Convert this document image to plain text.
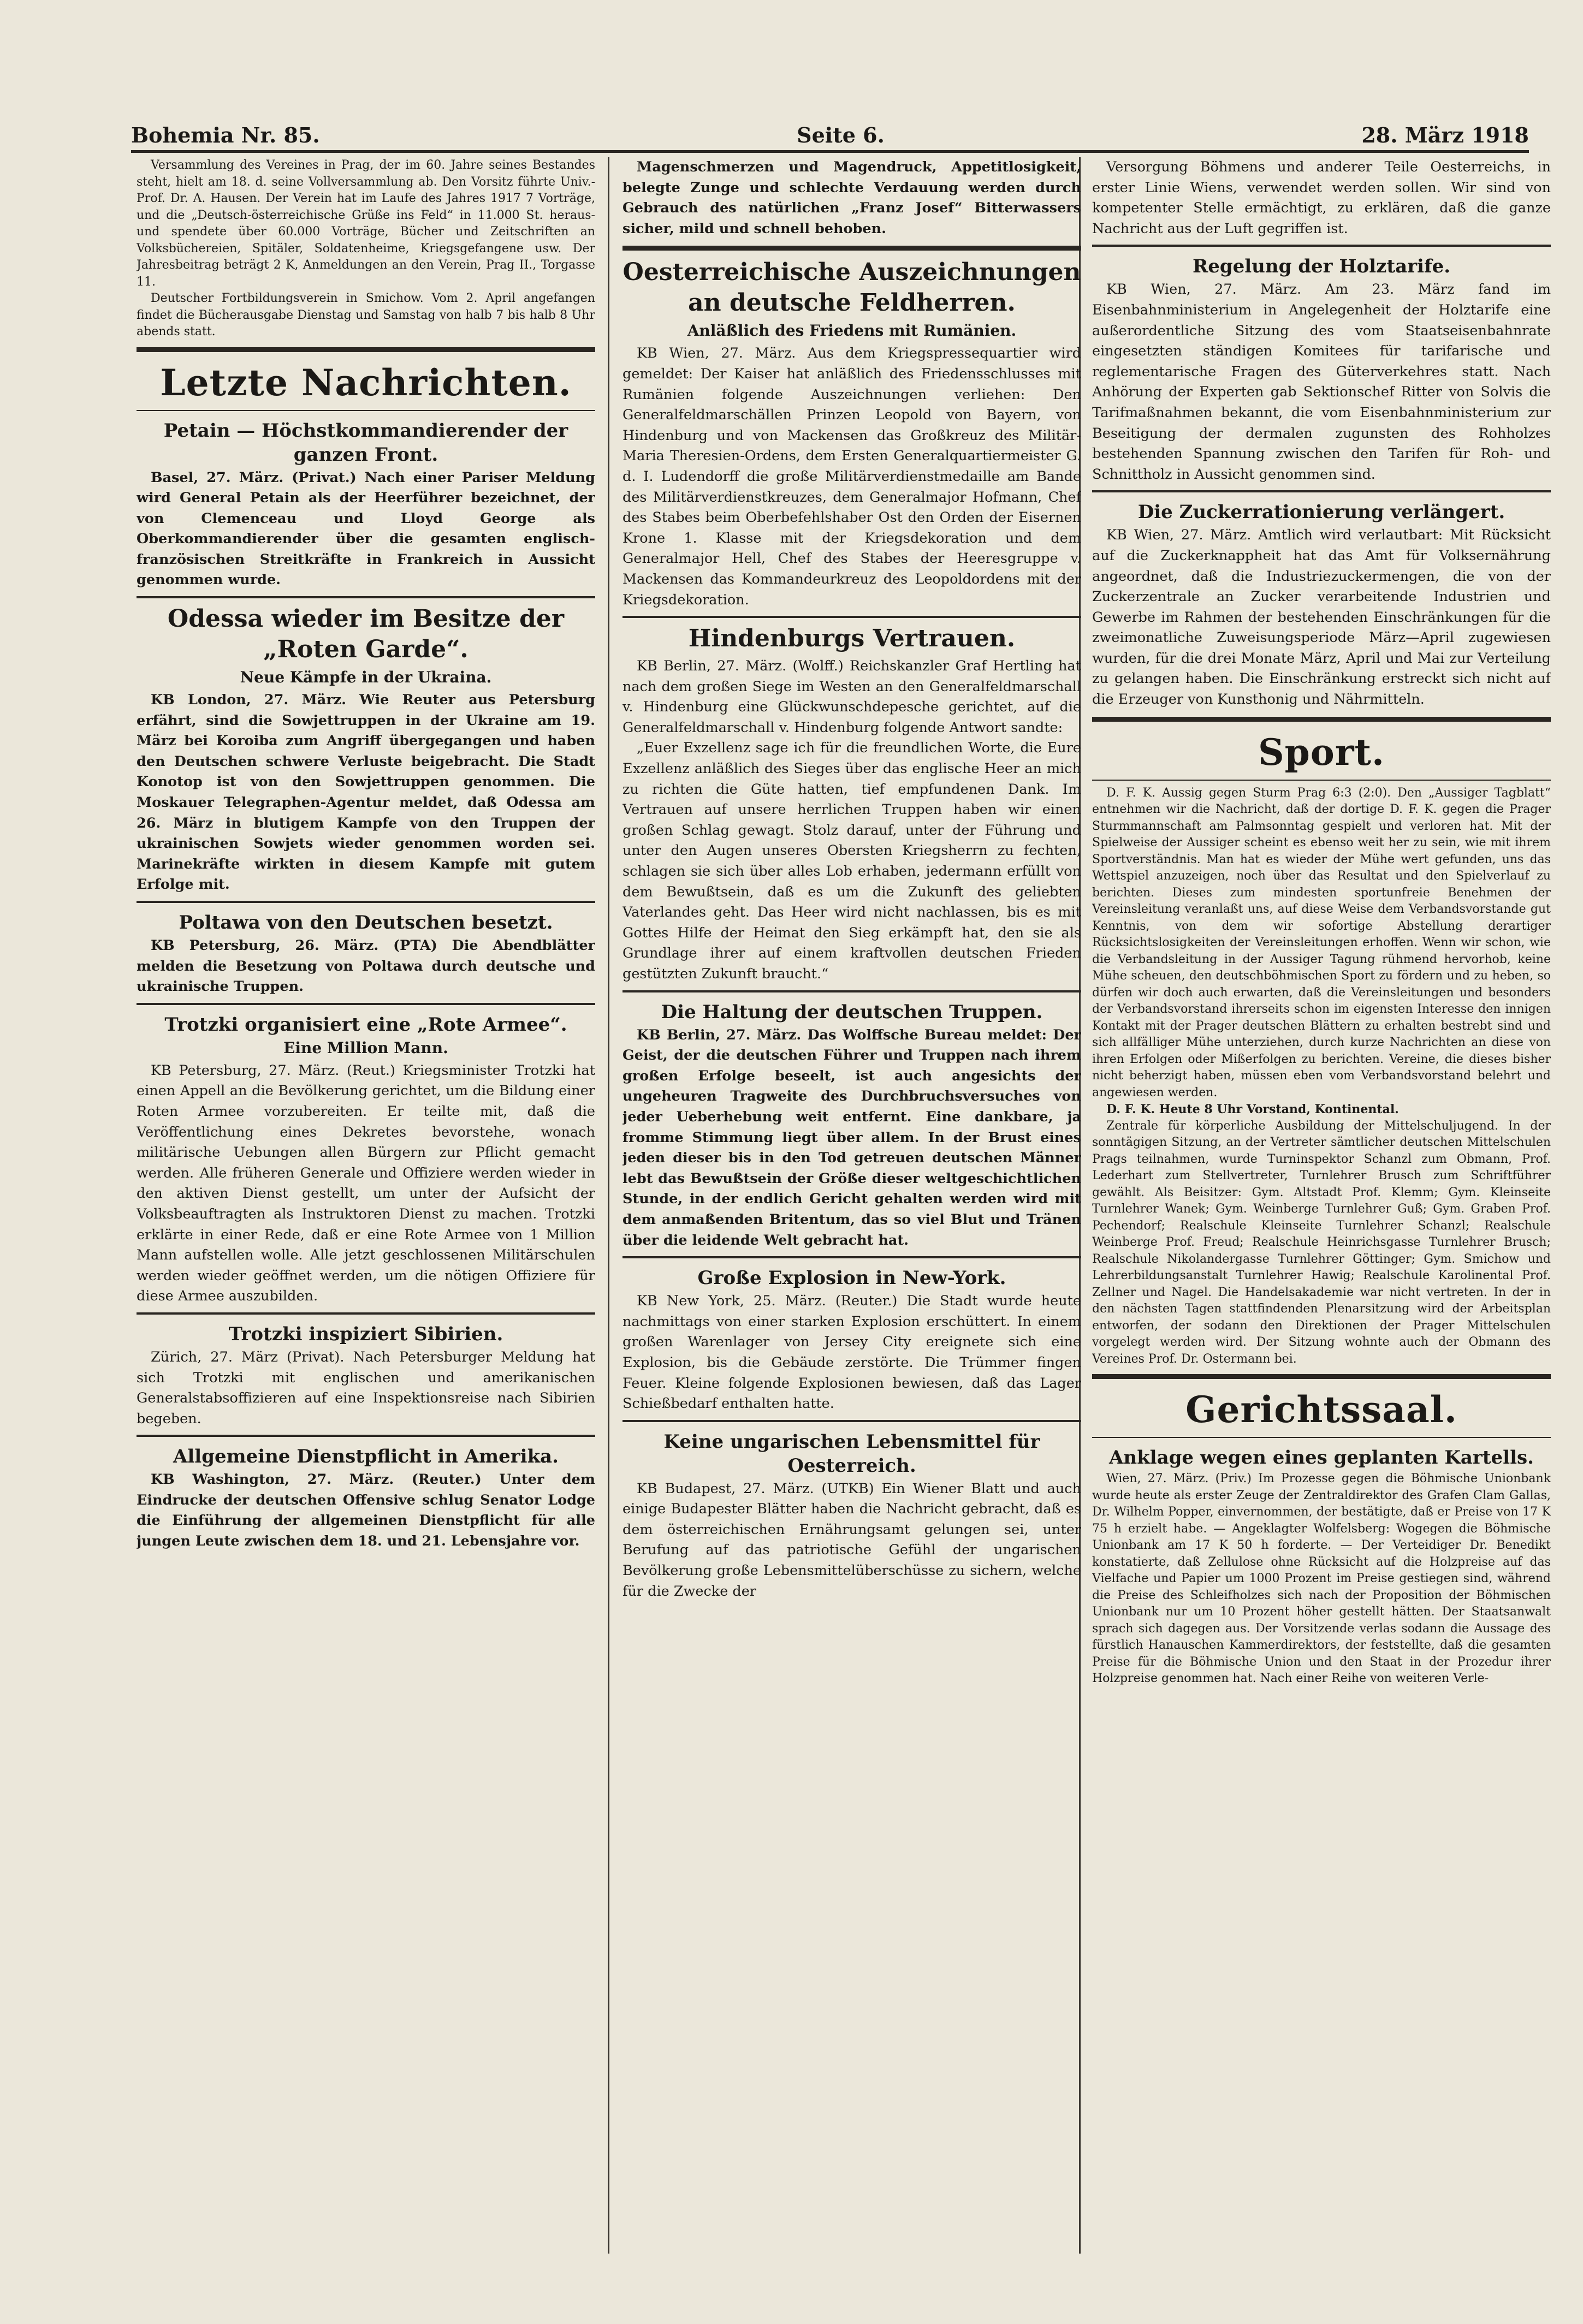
Bohemia Nr. 85.	Seite 6.	28. März 1918

Versammlung des Vereines in Prag, der im 60. Jahre seines Bestandes steht, hielt am 18. d. seine Vollversammlung ab. Den Vorsitz führte Univ.-Prof. Dr. A. Hausen. Der Verein hat im Laufe des Jahres 1917 7 Vorträge, und die „Deutsch-österreichische Grüße ins Feld“ in 11.000 St. heraus- und spendete über 60.000 Vorträge, Bücher und Zeitschriften an Volksbüchereien, Spitäler, Soldatenheime, Kriegsgefangene usw. Der Jahresbeitrag beträgt 2 K, Anmeldungen an den Verein, Prag II., Torgasse 11.

Deutscher Fortbildungsverein in Smichow. Vom 2. April angefangen findet die Bücherausgabe Dienstag und Samstag von halb 7 bis halb 8 Uhr abends statt.

Letzte Nachrichten.
Petain — Höchstkommandierender der ganzen Front.

Basel, 27. März. (Privat.) Nach einer Pariser Meldung wird General Petain als der Heerführer bezeichnet, der von Clemenceau und Lloyd George als Oberkommandierender über die gesamten englisch-französischen Streitkräfte in Frankreich in Aussicht genommen wurde.

Odessa wieder im Besitze der „Roten Garde“.
Neue Kämpfe in der Ukraina.

KB London, 27. März. Wie Reuter aus Petersburg erfährt, sind die Sowjettruppen in der Ukraine am 19. März bei Koroiba zum Angriff übergegangen und haben den Deutschen schwere Verluste beigebracht. Die Stadt Konotop ist von den Sowjettruppen genommen. Die Moskauer Telegraphen-Agentur meldet, daß Odessa am 26. März in blutigem Kampfe von den Truppen der ukrainischen Sowjets wieder genommen worden sei. Marinekräfte wirkten in diesem Kampfe mit gutem Erfolge mit.

Poltawa von den Deutschen besetzt.

KB Petersburg, 26. März. (PTA) Die Abendblätter melden die Besetzung von Poltawa durch deutsche und ukrainische Truppen.

Trotzki organisiert eine „Rote Armee“.
Eine Million Mann.

KB Petersburg, 27. März. (Reut.) Kriegsminister Trotzki hat einen Appell an die Bevölkerung gerichtet, um die Bildung einer Roten Armee vorzubereiten. Er teilte mit, daß die Veröffentlichung eines Dekretes bevorstehe, wonach militärische Uebungen allen Bürgern zur Pflicht gemacht werden. Alle früheren Generale und Offiziere werden wieder in den aktiven Dienst gestellt, um unter der Aufsicht der Volksbeauftragten als Instruktoren Dienst zu machen. Trotzki erklärte in einer Rede, daß er eine Rote Armee von 1 Million Mann aufstellen wolle. Alle jetzt geschlossenen Militärschulen werden wieder geöffnet werden, um die nötigen Offiziere für diese Armee auszubilden.

Trotzki inspiziert Sibirien.

Zürich, 27. März (Privat). Nach Petersburger Meldung hat sich Trotzki mit englischen und amerikanischen Generalstabsoffizieren auf eine Inspektionsreise nach Sibirien begeben.

Allgemeine Dienstpflicht in Amerika.

KB Washington, 27. März. (Reuter.) Unter dem Eindrucke der deutschen Offensive schlug Senator Lodge die Einführung der allgemeinen Dienstpflicht für alle jungen Leute zwischen dem 18. und 21. Lebensjahre vor.

Magenschmerzen und Magendruck, Appetitlosigkeit, belegte Zunge und schlechte Verdauung werden durch Gebrauch des natürlichen „Franz Josef“ Bitterwassers sicher, mild und schnell behoben.

Oesterreichische Auszeichnungen an deutsche Feldherren.
Anläßlich des Friedens mit Rumänien.

KB Wien, 27. März. Aus dem Kriegspressequartier wird gemeldet: Der Kaiser hat anläßlich des Friedensschlusses mit Rumänien folgende Auszeichnungen verliehen: Den Generalfeldmarschällen Prinzen Leopold von Bayern, von Hindenburg und von Mackensen das Großkreuz des Militär-Maria Theresien-Ordens, dem Ersten Generalquartiermeister G. d. I. Ludendorff die große Militärverdienstmedaille am Bande des Militärverdienstkreuzes, dem Generalmajor Hofmann, Chef des Stabes beim Oberbefehlshaber Ost den Orden der Eisernen Krone 1. Klasse mit der Kriegsdekoration und dem Generalmajor Hell, Chef des Stabes der Heeresgruppe v. Mackensen das Kommandeurkreuz des Leopoldordens mit der Kriegsdekoration.

Hindenburgs Vertrauen.

KB Berlin, 27. März. (Wolff.) Reichskanzler Graf Hertling hat nach dem großen Siege im Westen an den Generalfeldmarschall v. Hindenburg eine Glückwunschdepesche gerichtet, auf die Generalfeldmarschall v. Hindenburg folgende Antwort sandte:

„Euer Exzellenz sage ich für die freundlichen Worte, die Eure Exzellenz anläßlich des Sieges über das englische Heer an mich zu richten die Güte hatten, tief empfundenen Dank. Im Vertrauen auf unsere herrlichen Truppen haben wir einen großen Schlag gewagt. Stolz darauf, unter der Führung und unter den Augen unseres Obersten Kriegsherrn zu fechten, schlagen sie sich über alles Lob erhaben, jedermann erfüllt von dem Bewußtsein, daß es um die Zukunft des geliebten Vaterlandes geht. Das Heer wird nicht nachlassen, bis es mit Gottes Hilfe der Heimat den Sieg erkämpft hat, den sie als Grundlage ihrer auf einem kraftvollen deutschen Frieden gestützten Zukunft braucht.“

Die Haltung der deutschen Truppen.

KB Berlin, 27. März. Das Wolffsche Bureau meldet: Der Geist, der die deutschen Führer und Truppen nach ihrem großen Erfolge beseelt, ist auch angesichts der ungeheuren Tragweite des Durchbruchsversuches von jeder Ueberhebung weit entfernt. Eine dankbare, ja fromme Stimmung liegt über allem. In der Brust eines jeden dieser bis in den Tod getreuen deutschen Männer lebt das Bewußtsein der Größe dieser weltgeschichtlichen Stunde, in der endlich Gericht gehalten werden wird mit dem anmaßenden Britentum, das so viel Blut und Tränen über die leidende Welt gebracht hat.

Große Explosion in New-York.

KB New York, 25. März. (Reuter.) Die Stadt wurde heute nachmittags von einer starken Explosion erschüttert. In einem großen Warenlager von Jersey City ereignete sich eine Explosion, bis die Gebäude zerstörte. Die Trümmer fingen Feuer. Kleine folgende Explosionen bewiesen, daß das Lager Schießbedarf enthalten hatte.

Keine ungarischen Lebensmittel für Oesterreich.

KB Budapest, 27. März. (UTKB) Ein Wiener Blatt und auch einige Budapester Blätter haben die Nachricht gebracht, daß es dem österreichischen Ernährungsamt gelungen sei, unter Berufung auf das patriotische Gefühl der ungarischen Bevölkerung große Lebensmittelüberschüsse zu sichern, welche für die Zwecke der

Versorgung Böhmens und anderer Teile Oesterreichs, in erster Linie Wiens, verwendet werden sollen. Wir sind von kompetenter Stelle ermächtigt, zu erklären, daß die ganze Nachricht aus der Luft gegriffen ist.

Regelung der Holztarife.

KB Wien, 27. März. Am 23. März fand im Eisenbahnministerium in Angelegenheit der Holztarife eine außerordentliche Sitzung des vom Staatseisenbahnrate eingesetzten ständigen Komitees für tarifarische und reglementarische Fragen des Güterverkehres statt. Nach Anhörung der Experten gab Sektionschef Ritter von Solvis die Tarifmaßnahmen bekannt, die vom Eisenbahnministerium zur Beseitigung der dermalen zugunsten des Rohholzes bestehenden Spannung zwischen den Tarifen für Roh- und Schnittholz in Aussicht genommen sind.

Die Zuckerrationierung verlängert.

KB Wien, 27. März. Amtlich wird verlautbart: Mit Rücksicht auf die Zuckerknappheit hat das Amt für Volksernährung angeordnet, daß die Industriezuckermengen, die von der Zuckerzentrale an Zucker verarbeitende Industrien und Gewerbe im Rahmen der bestehenden Einschränkungen für die zweimonatliche Zuweisungsperiode März—April zugewiesen wurden, für die drei Monate März, April und Mai zur Verteilung zu gelangen haben. Die Einschränkung erstreckt sich nicht auf die Erzeuger von Kunsthonig und Nährmitteln.

Sport.

D. F. K. Aussig gegen Sturm Prag 6:3 (2:0). Den „Aussiger Tagblatt“ entnehmen wir die Nachricht, daß der dortige D. F. K. gegen die Prager Sturmmannschaft am Palmsonntag gespielt und verloren hat. Mit der Spielweise der Aussiger scheint es ebenso weit her zu sein, wie mit ihrem Sportverständnis. Man hat es wieder der Mühe wert gefunden, uns das Wettspiel anzuzeigen, noch über das Resultat und den Spielverlauf zu berichten. Dieses zum mindesten sportunfreie Benehmen der Vereinsleitung veranlaßt uns, auf diese Weise dem Verbandsvorstande gut Kenntnis, von dem wir sofortige Abstellung derartiger Rücksichtslosigkeiten der Vereinsleitungen erhoffen. Wenn wir schon, wie die Verbandsleitung in der Aussiger Tagung rühmend hervorhob, keine Mühe scheuen, den deutschböhmischen Sport zu fördern und zu heben, so dürfen wir doch auch erwarten, daß die Vereinsleitungen und besonders der Verbandsvorstand ihrerseits schon im eigensten Interesse den innigen Kontakt mit der Prager deutschen Blättern zu erhalten bestrebt sind und sich allfälliger Mühe unterziehen, durch kurze Nachrichten an diese von ihren Erfolgen oder Mißerfolgen zu berichten. Vereine, die dieses bisher nicht beherzigt haben, müssen eben vom Verbandsvorstand belehrt und angewiesen werden.

D. F. K. Heute 8 Uhr Vorstand, Kontinental.

Zentrale für körperliche Ausbildung der Mittelschuljugend. In der sonntägigen Sitzung, an der Vertreter sämtlicher deutschen Mittelschulen Prags teilnahmen, wurde Turninspektor Schanzl zum Obmann, Prof. Lederhart zum Stellvertreter, Turnlehrer Brusch zum Schriftführer gewählt. Als Beisitzer: Gym. Altstadt Prof. Klemm; Gym. Kleinseite Turnlehrer Wanek; Gym. Weinberge Turnlehrer Guß; Gym. Graben Prof. Pechendorf; Realschule Kleinseite Turnlehrer Schanzl; Realschule Weinberge Prof. Freud; Realschule Heinrichsgasse Turnlehrer Brusch; Realschule Nikolandergasse Turnlehrer Göttinger; Gym. Smichow und Lehrerbildungsanstalt Turnlehrer Hawig; Realschule Karolinental Prof. Zellner und Nagel. Die Handelsakademie war nicht vertreten. In der in den nächsten Tagen stattfindenden Plenarsitzung wird der Arbeitsplan entworfen, der sodann den Direktionen der Prager Mittelschulen vorgelegt werden wird. Der Sitzung wohnte auch der Obmann des Vereines Prof. Dr. Ostermann bei.

Gerichtssaal.
Anklage wegen eines geplanten Kartells.

Wien, 27. März. (Priv.) Im Prozesse gegen die Böhmische Unionbank wurde heute als erster Zeuge der Zentraldirektor des Grafen Clam Gallas, Dr. Wilhelm Popper, einvernommen, der bestätigte, daß er Preise von 17 K 75 h erzielt habe. — Angeklagter Wolfelsberg: Wogegen die Böhmische Unionbank am 17 K 50 h forderte. — Der Verteidiger Dr. Benedikt konstatierte, daß Zellulose ohne Rücksicht auf die Holzpreise auf das Vielfache und Papier um 1000 Prozent im Preise gestiegen sind, während die Preise des Schleifholzes sich nach der Proposition der Böhmischen Unionbank nur um 10 Prozent höher gestellt hätten. Der Staatsanwalt sprach sich dagegen aus. Der Vorsitzende verlas sodann die Aussage des fürstlich Hanauschen Kammerdirektors, der feststellte, daß die gesamten Preise für die Böhmische Union und den Staat in der Prozedur ihrer Holzpreise genommen hat. Nach einer Reihe von weiteren Verle-
